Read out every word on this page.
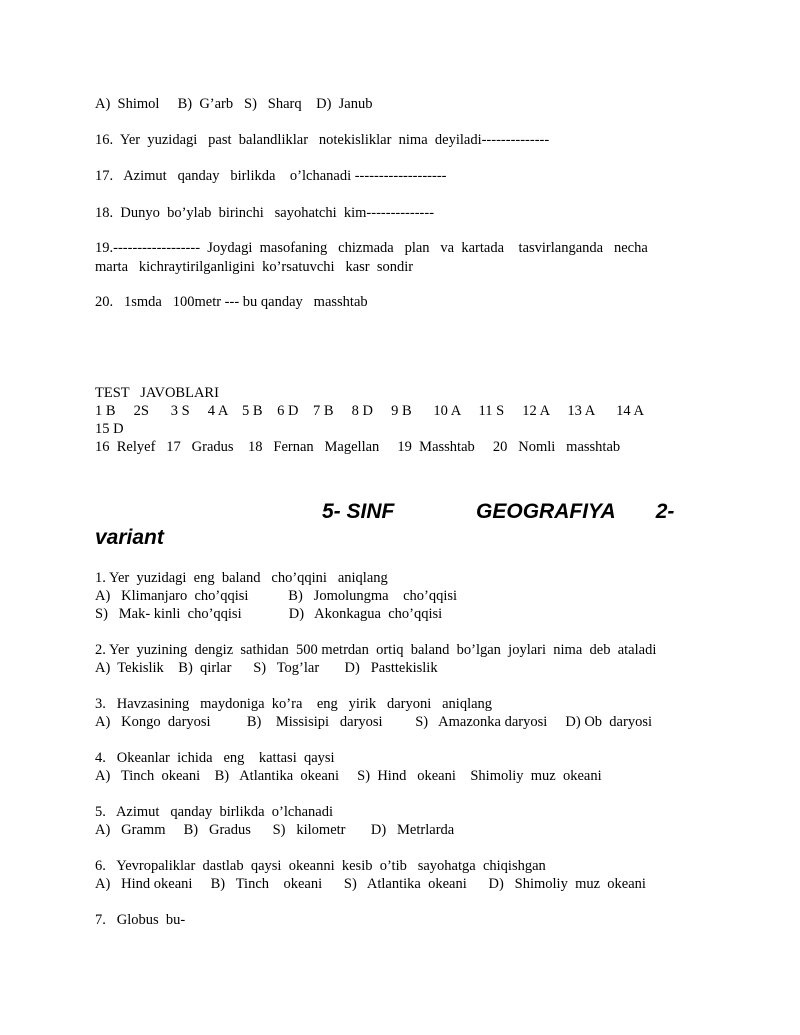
A)  Shimol     B)  G’arb   S)   Sharq    D)  Janub
16.  Yer  yuzidagi   past  balandliklar   notekisliklar  nima  deyiladi--------------
17.   Azimut   qanday   birlikda    o’lchanadi -------------------
18.  Dunyo  bo’ylab  birinchi   sayohatchi  kim--------------
19.------------------  Joydagi  masofaning   chizmada   plan   va  kartada    tasvirlanganda   necha
marta   kichraytirilganligini  ko’rsatuvchi   kasr  sondir
20.   1smda   100metr --- bu qanday   masshtab
TEST   JAVOBLARI
1 B     2S      3 S     4 A    5 B    6 D    7 B     8 D     9 B      10 A     11 S     12 A     13 A      14 A
15 D
16  Relyef   17   Gradus    18   Fernan   Magellan     19  Masshtab     20   Nomli   masshtab
5- SINF              GEOGRAFIYA       2-
variant
1. Yer  yuzidagi  eng  baland   cho’qqini   aniqlang
A)   Klimanjaro  cho’qqisi           B)   Jomolungma    cho’qqisi
S)   Mak- kinli  cho’qqisi             D)   Akonkagua  cho’qqisi
2. Yer  yuzining  dengiz  sathidan  500 metrdan  ortiq  baland  bo’lgan  joylari  nima  deb  ataladi
A)  Tekislik    B)  qirlar      S)   Tog’lar       D)   Pasttekislik
3.   Havzasining   maydoniga  ko’ra    eng   yirik   daryoni   aniqlang
A)   Kongo  daryosi          B)    Missisipi   daryosi         S)   Amazonka daryosi     D) Ob  daryosi
4.   Okeanlar  ichida   eng    kattasi  qaysi
A)   Tinch  okeani    B)   Atlantika  okeani     S)  Hind   okeani    Shimoliy  muz  okeani
5.   Azimut   qanday  birlikda  o’lchanadi
A)   Gramm     B)   Gradus      S)   kilometr       D)   Metrlarda
6.   Yevropaliklar  dastlab  qaysi  okeanni  kesib  o’tib   sayohatga  chiqishgan
A)   Hind okeani     B)   Tinch    okeani      S)   Atlantika  okeani      D)   Shimoliy  muz  okeani
7.   Globus  bu-
